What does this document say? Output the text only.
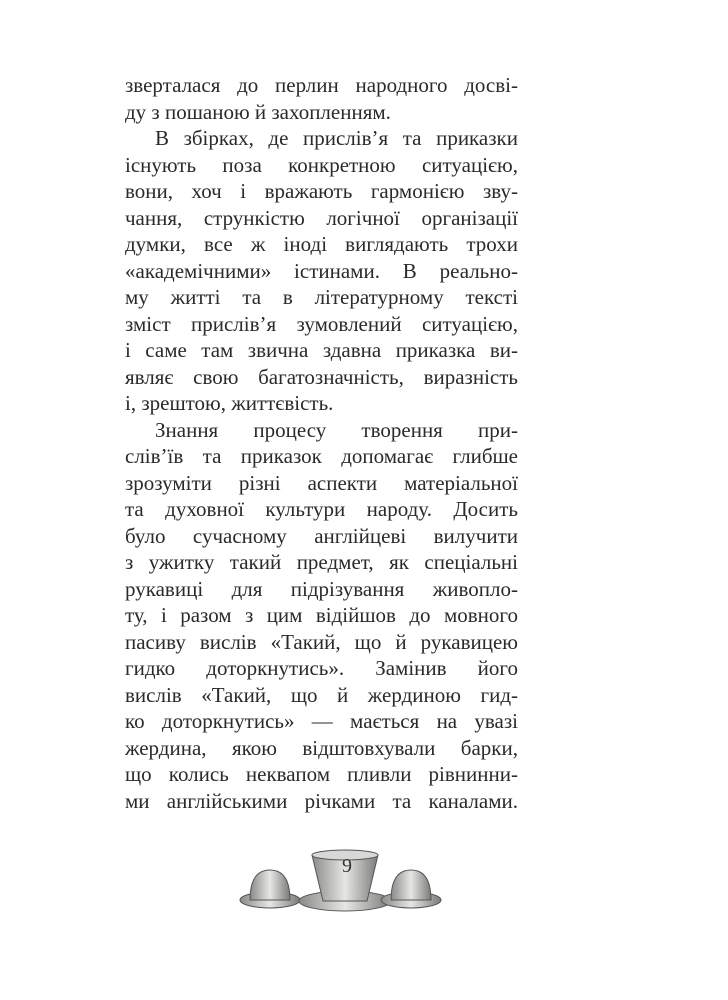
зверталася до перлин народного досві-
ду з пошаною й захопленням.
В збірках, де прислів’я та приказки
існують поза конкретною ситуацією,
вони, хоч і вражають гармонією зву-
чання, стрункістю логічної організації
думки, все ж іноді виглядають трохи
«академічними» істинами. В реально-
му житті та в літературному тексті
зміст прислів’я зумовлений ситуацією,
і саме там звична здавна приказка ви-
являє свою багатозначність, виразність
і, зрештою, життєвість.
Знання процесу творення при-
слів’їв та приказок допомагає глибше
зрозуміти різні аспекти матеріальної
та духовної культури народу. Досить
було сучасному англійцеві вилучити
з ужитку такий предмет, як спеціальні
рукавиці для підрізування живопло-
ту, і разом з цим відійшов до мовного
пасиву вислів «Такий, що й рукавицею
гидко доторкнутись». Замінив його
вислів «Такий, що й жердиною гид-
ко доторкнутись» — мається на увазі
жердина, якою відштовхували барки,
що колись неквапом пливли рівнинни-
ми англійськими річками та каналами.
9
